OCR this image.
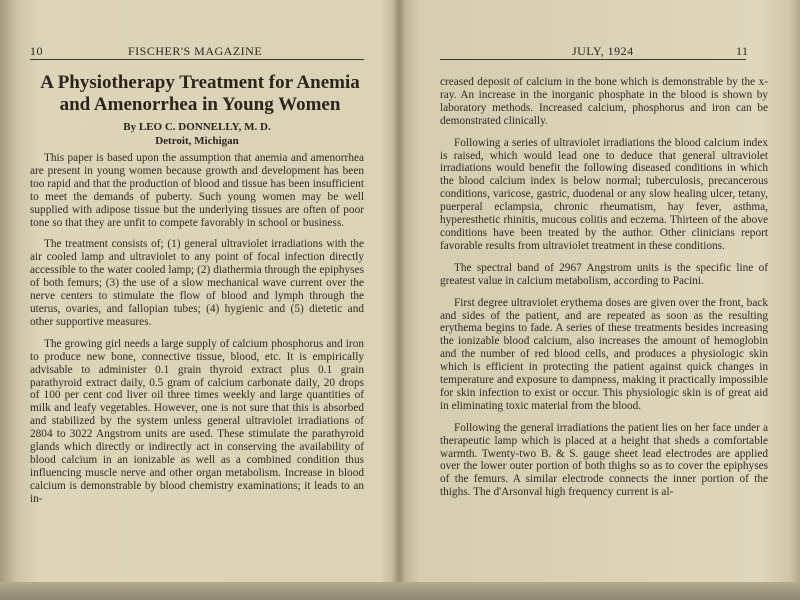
10	FISCHER'S MAGAZINE
A Physiotherapy Treatment for Anemia and Amenorrhea in Young Women
By LEO C. DONNELLY, M. D.
Detroit, Michigan

This paper is based upon the assumption that anemia and amenorrhea are present in young women because growth and development has been too rapid and that the production of blood and tissue has been insufficient to meet the demands of puberty. Such young women may be well supplied with adipose tissue but the underlying tissues are often of poor tone so that they are unfit to compete favorably in school or business.

The treatment consists of; (1) general ultraviolet irradiations with the air cooled lamp and ultraviolet to any point of focal infection directly accessible to the water cooled lamp; (2) diathermia through the epiphyses of both femurs; (3) the use of a slow mechanical wave current over the nerve centers to stimulate the flow of blood and lymph through the uterus, ovaries, and fallopian tubes; (4) hygienic and (5) dietetic and other supportive measures.

The growing girl needs a large supply of calcium phosphorus and iron to produce new bone, connective tissue, blood, etc. It is empirically advisable to administer 0.1 grain thyroid extract plus 0.1 grain parathyroid extract daily, 0.5 gram of calcium carbonate daily, 20 drops of 100 per cent cod liver oil three times weekly and large quantities of milk and leafy vegetables. However, one is not sure that this is absorbed and stabilized by the system unless general ultraviolet irradiations of 2804 to 3022 Angstrom units are used. These stimulate the parathyroid glands which directly or indirectly act in conserving the availability of blood calcium in an ionizable as well as a combined condition thus influencing muscle nerve and other organ metabolism. Increase in blood calcium is demonstrable by blood chemistry examinations; it leads to an in-

JULY, 1924	11

creased deposit of calcium in the bone which is demonstrable by the x-ray. An increase in the inorganic phosphate in the blood is shown by laboratory methods. Increased calcium, phosphorus and iron can be demonstrated clinically.

Following a series of ultraviolet irradiations the blood calcium index is raised, which would lead one to deduce that general ultraviolet irradiations would benefit the following diseased conditions in which the blood calcium index is below normal; tuberculosis, precancerous conditions, varicose, gastric, duodenal or any slow healing ulcer, tetany, puerperal eclampsia, chronic rheumatism, hay fever, asthma, hyperesthetic rhinitis, mucous colitis and eczema. Thirteen of the above conditions have been treated by the author. Other clinicians report favorable results from ultraviolet treatment in these conditions.

The spectral band of 2967 Angstrom units is the specific line of greatest value in calcium metabolism, according to Pacini.

First degree ultraviolet erythema doses are given over the front, back and sides of the patient, and are repeated as soon as the resulting erythema begins to fade. A series of these treatments besides increasing the ionizable blood calcium, also increases the amount of hemoglobin and the number of red blood cells, and produces a physiologic skin which is efficient in protecting the patient against quick changes in temperature and exposure to dampness, making it practically impossible for skin infection to exist or occur. This physiologic skin is of great aid in eliminating toxic material from the blood.

Following the general irradiations the patient lies on her face under a therapeutic lamp which is placed at a height that sheds a comfortable warmth. Twenty-two B. & S. gauge sheet lead electrodes are applied over the lower outer portion of both thighs so as to cover the epiphyses of the femurs. A similar electrode connects the inner portion of the thighs. The d'Arsonval high frequency current is al-
